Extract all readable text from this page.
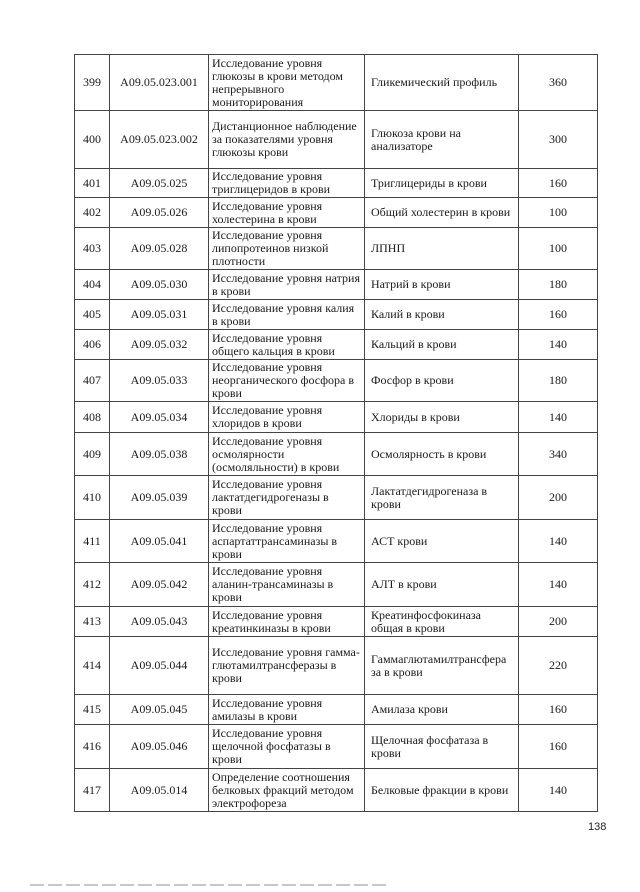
399	A09.05.023.001	Исследование уровня глюкозы в крови методом непрерывного мониторирования	Гликемический профиль	360
400	A09.05.023.002	Дистанционное наблюдение за показателями уровня глюкозы крови	Глюкоза крови на анализаторе	300
401	A09.05.025	Исследование уровня триглицеридов в крови	Триглицериды в крови	160
402	A09.05.026	Исследование уровня холестерина в крови	Общий холестерин в крови	100
403	A09.05.028	Исследование уровня липопротеинов низкой плотности	ЛПНП	100
404	A09.05.030	Исследование уровня натрия в крови	Натрий в крови	180
405	A09.05.031	Исследование уровня калия в крови	Калий в крови	160
406	A09.05.032	Исследование уровня общего кальция в крови	Кальций в крови	140
407	A09.05.033	Исследование уровня неорганического фосфора в крови	Фосфор в крови	180
408	A09.05.034	Исследование уровня хлоридов в крови	Хлориды в крови	140
409	A09.05.038	Исследование уровня осмолярности (осмоляльности) в крови	Осмолярность в крови	340
410	A09.05.039	Исследование уровня лактатдегидрогеназы в крови	Лактатдегидрогеназа в крови	200
411	A09.05.041	Исследование уровня аспартаттрансаминазы в крови	АСТ крови	140
412	A09.05.042	Исследование уровня аланин-трансаминазы в крови	АЛТ в крови	140
413	A09.05.043	Исследование уровня креатинкиназы в крови	Креатинфосфокиназа общая в крови	200
414	A09.05.044	Исследование уровня гамма-глютамилтрансферазы в крови	Гаммаглютамилтрансфера за в крови	220
415	A09.05.045	Исследование уровня амилазы в крови	Амилаза крови	160
416	A09.05.046	Исследование уровня щелочной фосфатазы в крови	Щелочная фосфатаза в крови	160
417	A09.05.014	Определение соотношения белковых фракций методом электрофореза	Белковые фракции в крови	140
138
